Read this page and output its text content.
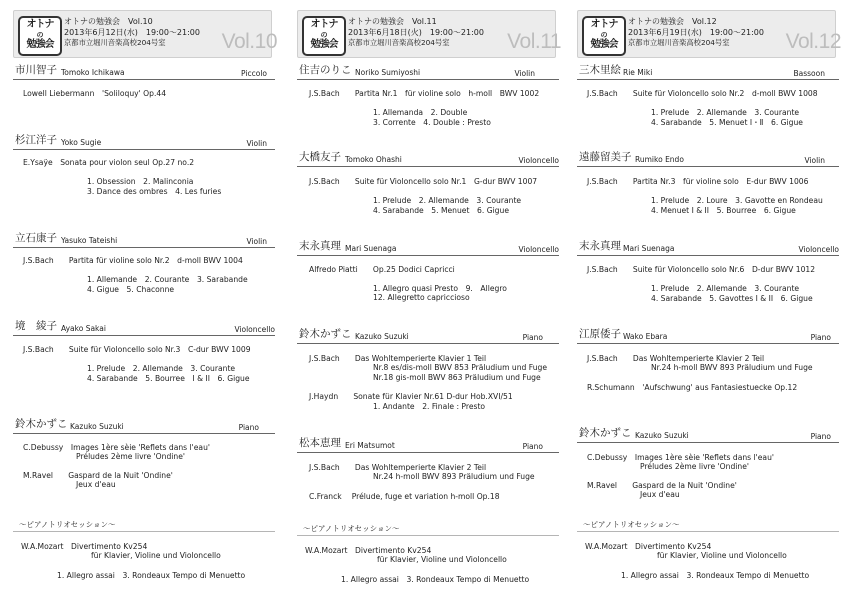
オトナ
の
勉強会
オトナの勉強会　Vol.10
2013年6月12日(水)　19:00～21:00
京都市立堀川音楽高校204号室	Vol.10
市川智子 Tomoko Ichikawa	Piccolo
Lowell Liebermann　'Soliloquy' Op.44
杉江洋子 Yoko Sugie	Violin
E.Ysaÿe　Sonata pour violon seul Op.27 no.2
1. Obsession　2. Malinconia
3. Dance des ombres　4. Les furies
立石康子 Yasuko Tateishi	Violin
J.S.Bach　　Partita für violine solo Nr.2　d-moll BWV 1004
1. Allemande　2. Courante　3. Sarabande
4. Gigue　5. Chaconne
境　綾子 Ayako Sakai	Violoncello
J.S.Bach　　Suite für Violoncello solo Nr.3　C-dur BWV 1009
1. Prelude　2. Allemande　3. Courante
4. Sarabande　5. Bourree　I & II　6. Gigue
鈴木かずこ Kazuko Suzuki	Piano
C.Debussy　Images 1ère sèie 'Reflets dans l'eau'
Préludes 2ème livre 'Ondine'
M.Ravel　　Gaspard de la Nuit 'Ondine'
Jeux d'eau
～ピアノトリオセッション～
W.A.Mozart　Divertimento Kv254
für Klavier, Violine und Violoncello
1. Allegro assai　3. Rondeaux Tempo di Menuetto
オトナ
の
勉強会
オトナの勉強会　Vol.11
2013年6月18日(火)　19:00～21:00
京都市立堀川音楽高校204号室	Vol.11
住吉のりこ Noriko Sumiyoshi	Violin
J.S.Bach　　Partita Nr.1　für violine solo　h-moll　BWV 1002
1. Allemanda　2. Double
3. Corrente　4. Double : Presto
大橋友子 Tomoko Ohashi	Violoncello
J.S.Bach　　Suite für Violoncello solo Nr.1　G-dur BWV 1007
1. Prelude　2. Allemande　3. Courante
4. Sarabande　5. Menuet　6. Gigue
末永真理 Mari Suenaga	Violoncello
Alfredo Piatti　　Op.25 Dodici Capricci
1. Allegro quasi Presto　9.　Allegro
12. Allegretto capriccioso
鈴木かずこ Kazuko Suzuki	Piano
J.S.Bach　　Das Wohltemperierte Klavier 1 Teil
Nr.8 es/dis-moll BWV 853 Präludium und Fuge
Nr.18 gis-moll BWV 863 Präludium und Fuge
J.Haydn　　Sonate für Klavier Nr.61 D-dur Hob.XVI/51
1. Andante　2. Finale : Presto
松本恵理 Eri Matsumot	Piano
J.S.Bach　　Das Wohltemperierte Klavier 2 Teil
Nr.24 h-moll BWV 893 Präludium und Fuge
C.Franck　 Prélude, fuge et variation h-moll Op.18
～ピアノトリオセッション～
W.A.Mozart　Divertimento Kv254
für Klavier, Violine und Violoncello
1. Allegro assai　3. Rondeaux Tempo di Menuetto
オトナ
の
勉強会
オトナの勉強会　Vol.12
2013年6月19日(水)　19:00～21:00
京都市立堀川音楽高校204号室	Vol.12
三木里絵 Rie Miki	Bassoon
J.S.Bach　　Suite für Violoncello solo Nr.2　d-moll BWV 1008
1. Prelude　2. Allemande　3. Courante
4. Sarabande　5. Menuet Ⅰ・Ⅱ　6. Gigue
遠藤留美子 Rumiko Endo	Violin
J.S.Bach　　Partita Nr.3　für violine solo　E-dur BWV 1006
1. Prelude　2. Loure　3. Gavotte en Rondeau
4. Menuet I & II　5. Bourree　6. Gigue
末永真理 Mari Suenaga	Violoncello
J.S.Bach　　Suite für Violoncello solo Nr.6　D-dur BWV 1012
1. Prelude　2. Allemande　3. Courante
4. Sarabande　5. Gavottes I & II　6. Gigue
江原倭子 Wako Ebara	Piano
J.S.Bach　　Das Wohltemperierte Klavier 2 Teil
Nr.24 h-moll BWV 893 Präludium und Fuge
R.Schumann　'Aufschwung' aus Fantasiestuecke Op.12
鈴木かずこ Kazuko Suzuki	Piano
C.Debussy　Images 1ère sèie 'Reflets dans l'eau'
Préludes 2ème livre 'Ondine'
M.Ravel　　Gaspard de la Nuit 'Ondine'
Jeux d'eau
～ピアノトリオセッション～
W.A.Mozart　Divertimento Kv254
für Klavier, Violine und Violoncello
1. Allegro assai　3. Rondeaux Tempo di Menuetto
